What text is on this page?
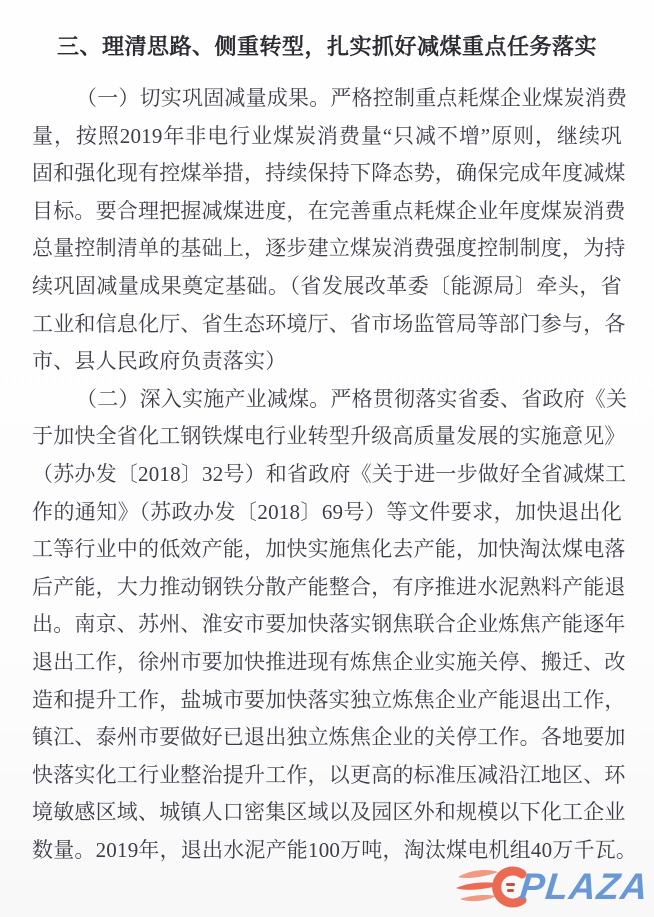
三、理清思路、侧重转型，扎实抓好减煤重点任务落实
（一）切实巩固减量成果。严格控制重点耗煤企业煤炭消费
量，按照2019年非电行业煤炭消费量“只减不增”原则，继续巩
固和强化现有控煤举措，持续保持下降态势，确保完成年度减煤
目标。要合理把握减煤进度，在完善重点耗煤企业年度煤炭消费
总量控制清单的基础上，逐步建立煤炭消费强度控制制度，为持
续巩固减量成果奠定基础。（省发展改革委〔能源局〕牵头，省
工业和信息化厅、省生态环境厅、省市场监管局等部门参与，各
市、县人民政府负责落实）
（二）深入实施产业减煤。严格贯彻落实省委、省政府《关
于加快全省化工钢铁煤电行业转型升级高质量发展的实施意见》
（苏办发〔2018〕32号）和省政府《关于进一步做好全省减煤工
作的通知》（苏政办发〔2018〕69号）等文件要求，加快退出化
工等行业中的低效产能，加快实施焦化去产能，加快淘汰煤电落
后产能，大力推动钢铁分散产能整合，有序推进水泥熟料产能退
出。南京、苏州、淮安市要加快落实钢焦联合企业炼焦产能逐年
退出工作，徐州市要加快推进现有炼焦企业实施关停、搬迁、改
造和提升工作，盐城市要加快落实独立炼焦企业产能退出工作，
镇江、泰州市要做好已退出独立炼焦企业的关停工作。各地要加
快落实化工行业整治提升工作，以更高的标准压减沿江地区、环
境敏感区域、城镇人口密集区域以及园区外和规模以下化工企业
数量。2019年，退出水泥产能100万吨，淘汰煤电机组40万千瓦。
PLAZA
